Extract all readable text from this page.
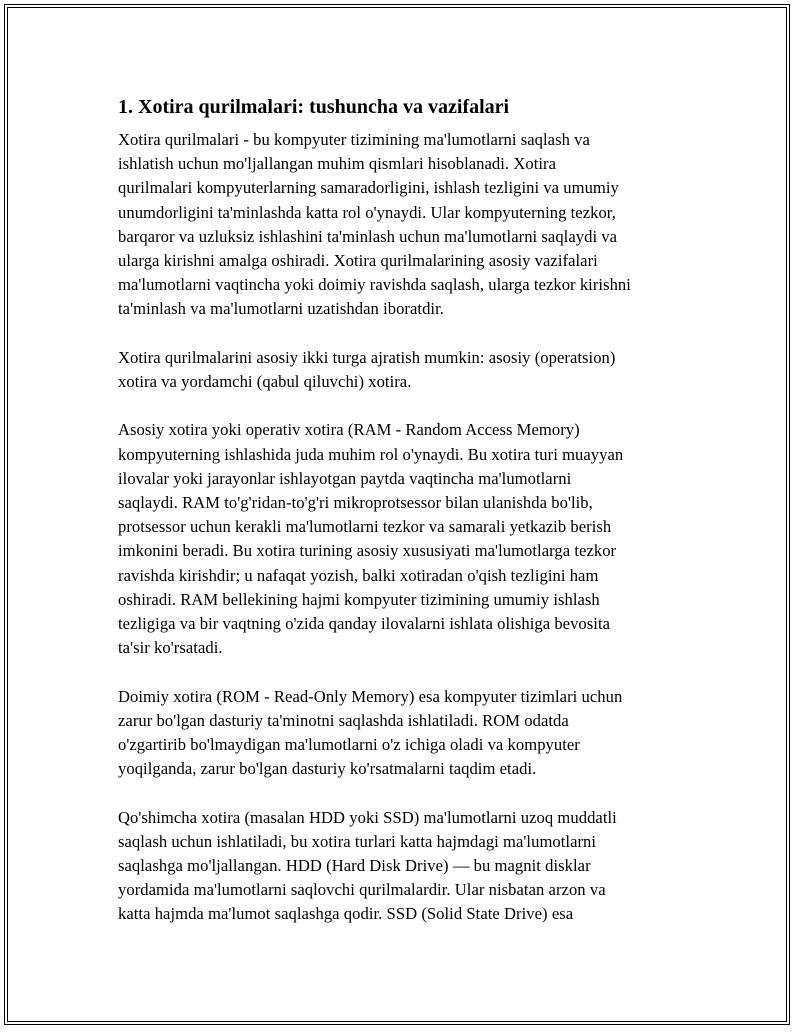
1. Xotira qurilmalari: tushuncha va vazifalari

Xotira qurilmalari - bu kompyuter tizimining ma'lumotlarni saqlash va
ishlatish uchun mo'ljallangan muhim qismlari hisoblanadi. Xotira
qurilmalari kompyuterlarning samaradorligini, ishlash tezligini va umumiy
unumdorligini ta'minlashda katta rol o'ynaydi. Ular kompyuterning tezkor,
barqaror va uzluksiz ishlashini ta'minlash uchun ma'lumotlarni saqlaydi va
ularga kirishni amalga oshiradi. Xotira qurilmalarining asosiy vazifalari
ma'lumotlarni vaqtincha yoki doimiy ravishda saqlash, ularga tezkor kirishni
ta'minlash va ma'lumotlarni uzatishdan iboratdir.

Xotira qurilmalarini asosiy ikki turga ajratish mumkin: asosiy (operatsion)
xotira va yordamchi (qabul qiluvchi) xotira.

Asosiy xotira yoki operativ xotira (RAM - Random Access Memory)
kompyuterning ishlashida juda muhim rol o'ynaydi. Bu xotira turi muayyan
ilovalar yoki jarayonlar ishlayotgan paytda vaqtincha ma'lumotlarni
saqlaydi. RAM to'g'ridan-to'g'ri mikroprotsessor bilan ulanishda bo'lib,
protsessor uchun kerakli ma'lumotlarni tezkor va samarali yetkazib berish
imkonini beradi. Bu xotira turining asosiy xususiyati ma'lumotlarga tezkor
ravishda kirishdir; u nafaqat yozish, balki xotiradan o'qish tezligini ham
oshiradi. RAM bellekining hajmi kompyuter tizimining umumiy ishlash
tezligiga va bir vaqtning o'zida qanday ilovalarni ishlata olishiga bevosita
ta'sir ko'rsatadi.

Doimiy xotira (ROM - Read-Only Memory) esa kompyuter tizimlari uchun
zarur bo'lgan dasturiy ta'minotni saqlashda ishlatiladi. ROM odatda
o'zgartirib bo'lmaydigan ma'lumotlarni o'z ichiga oladi va kompyuter
yoqilganda, zarur bo'lgan dasturiy ko'rsatmalarni taqdim etadi.

Qo'shimcha xotira (masalan HDD yoki SSD) ma'lumotlarni uzoq muddatli
saqlash uchun ishlatiladi, bu xotira turlari katta hajmdagi ma'lumotlarni
saqlashga mo'ljallangan. HDD (Hard Disk Drive) — bu magnit disklar
yordamida ma'lumotlarni saqlovchi qurilmalardir. Ular nisbatan arzon va
katta hajmda ma'lumot saqlashga qodir. SSD (Solid State Drive) esa
